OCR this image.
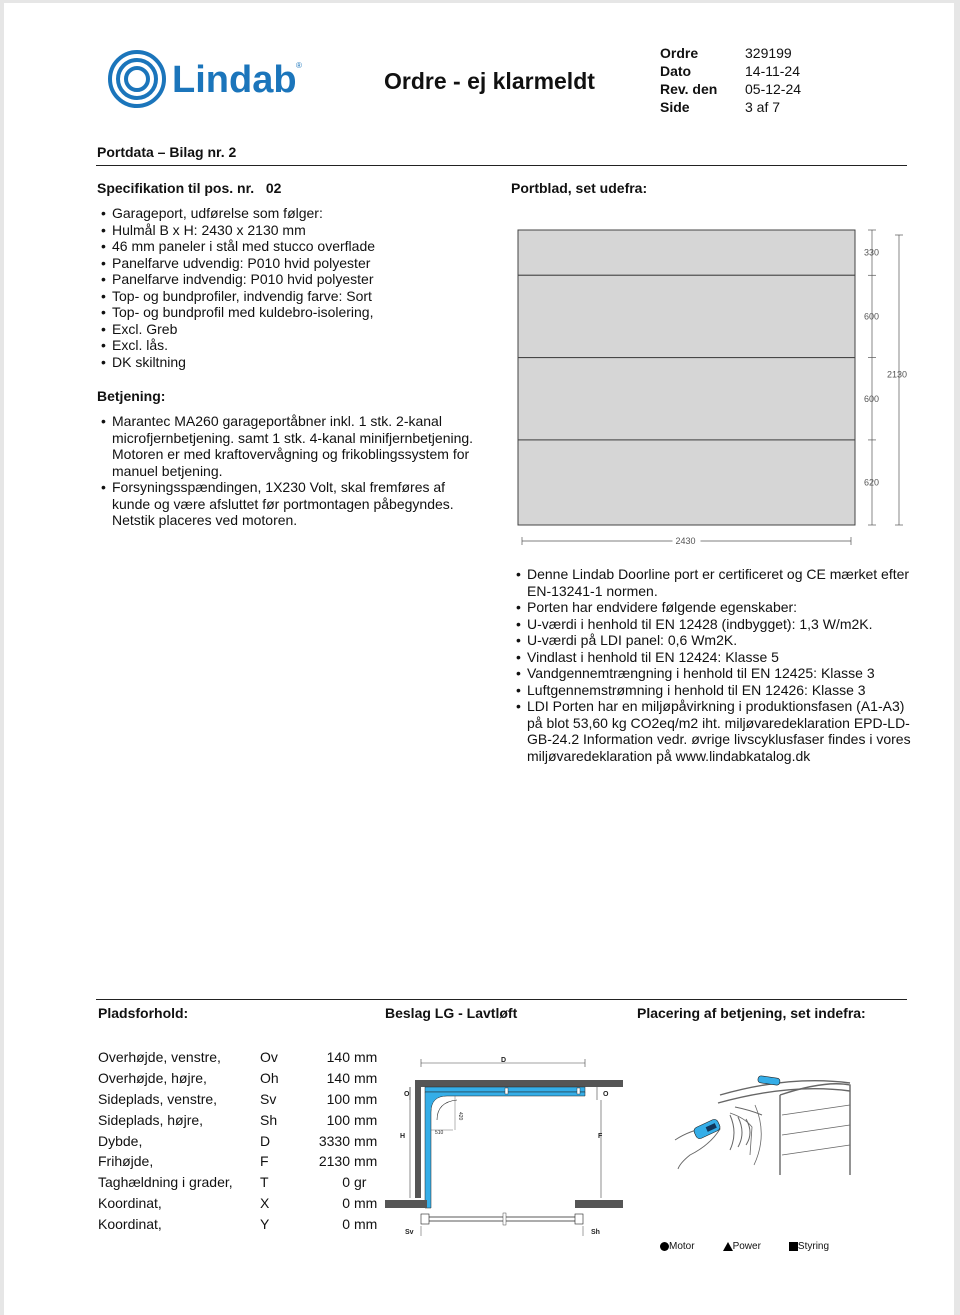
Lindab ®
Ordre - ej klarmeldt
Ordre	329199
Dato	14-11-24
Rev. den	05-12-24
Side	3 af 7
Portdata – Bilag nr. 2
Specifikation til pos. nr. 02
• Garageport, udførelse som følger:
• Hulmål B x H: 2430 x 2130 mm
• 46 mm paneler i stål med stucco overflade
• Panelfarve udvendig: P010 hvid polyester
• Panelfarve indvendig: P010 hvid polyester
• Top- og bundprofiler, indvendig farve: Sort
• Top- og bundprofil med kuldebro-isolering,
• Excl. Greb
• Excl. lås.
• DK skiltning
Betjening:
• Marantec MA260 garageportåbner inkl. 1 stk. 2-kanal microfjernbetjening. samt 1 stk. 4-kanal minifjernbetjening. Motoren er med kraftovervågning og frikoblingssystem for manuel betjening.
• Forsyningsspændingen, 1X230 Volt, skal fremføres af kunde og være afsluttet før portmontagen påbegyndes. Netstik placeres ved motoren.
Portblad, set udefra:
330
600
600
620
2130
2430
• Denne Lindab Doorline port er certificeret og CE mærket efter EN-13241-1 normen.
• Porten har endvidere følgende egenskaber:
• U-værdi i henhold til EN 12428 (indbygget): 1,3 W/m2K.
• U-værdi på LDI panel: 0,6 Wm2K.
• Vindlast i henhold til EN 12424: Klasse 5
• Vandgennemtrængning i henhold til EN 12425: Klasse 3
• Luftgennemstrømning i henhold til EN 12426: Klasse 3
• LDI Porten har en miljøpåvirkning i produktionsfasen (A1-A3) på blot 53,60 kg CO2eq/m2 iht. miljøvaredeklaration EPD-LD-GB-24.2 Information vedr. øvrige livscyklusfaser findes i vores miljøvaredeklaration på www.lindabkatalog.dk
Pladsforhold:	Beslag LG - Lavtløft	Placering af betjening, set indefra:
Overhøjde, venstre,	Ov	140 mm
Overhøjde, højre,	Oh	140 mm
Sideplads, venstre,	Sv	100 mm
Sideplads, højre,	Sh	100 mm
Dybde,	D	3330 mm
Frihøjde,	F	2130 mm
Taghældning i grader,	T	0 gr
Koordinat,	X	0 mm
Koordinat,	Y	0 mm
D
O	O
510
420
H	F
Sv	Sh
Motor	Power	Styring
